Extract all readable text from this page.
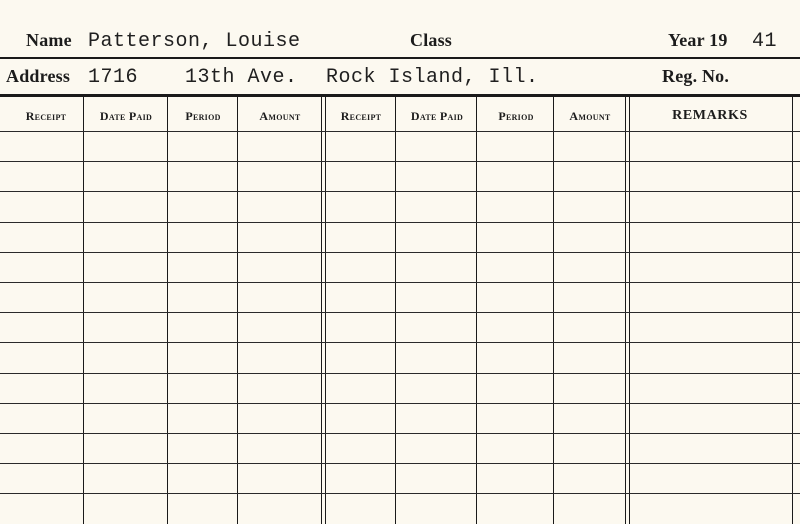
Name Patterson, Louise	Class	Year 19 41
Address 1716 13th Ave. Rock Island, Ill.	Reg. No.
Receipt	Date Paid	Period	Amount	Receipt	Date Paid	Period	Amount	REMARKS
